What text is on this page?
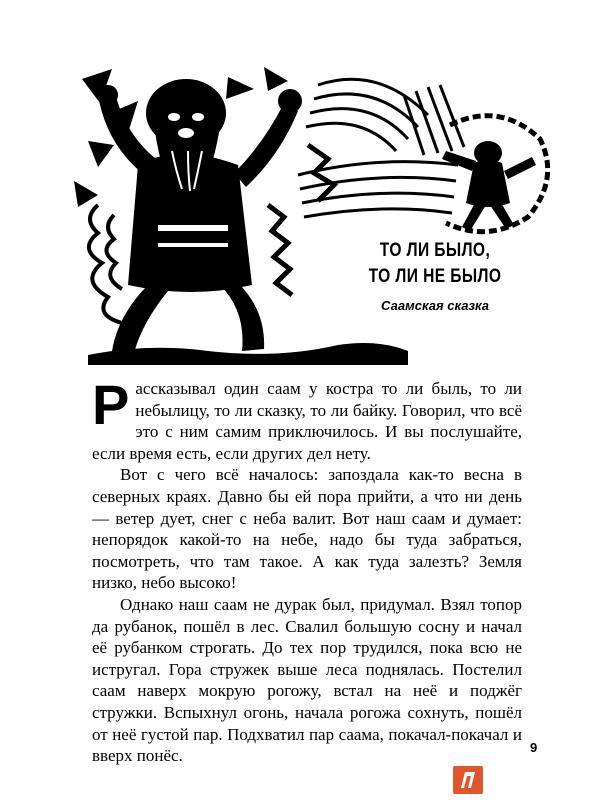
ТО ЛИ БЫЛО,
ТО ЛИ НЕ БЫЛО
Саамская сказка

Рассказывал один саам у костра то ли быль, то ли небылицу, то ли сказку, то ли байку. Говорил, что всё это с ним самим приключилось. И вы послушайте, если время есть, если других дел нету.

Вот с чего всё началось: запоздала как-то весна в северных краях. Давно бы ей пора прийти, а что ни день — ветер дует, снег с неба валит. Вот наш саам и думает: непорядок какой-то на небе, надо бы туда забраться, посмотреть, что там такое. А как туда залезть? Земля низко, небо высоко!

Однако наш саам не дурак был, придумал. Взял топор да рубанок, пошёл в лес. Свалил большую сосну и начал её рубанком строгать. До тех пор трудился, пока всю не истругал. Гора стружек выше леса поднялась. Постелил саам наверх мокрую рогожу, встал на неё и поджёг стружки. Вспыхнул огонь, начала рогожа сохнуть, пошёл от неё густой пар. Подхватил пар саама, покачал-покачал и вверх понёс.	9
